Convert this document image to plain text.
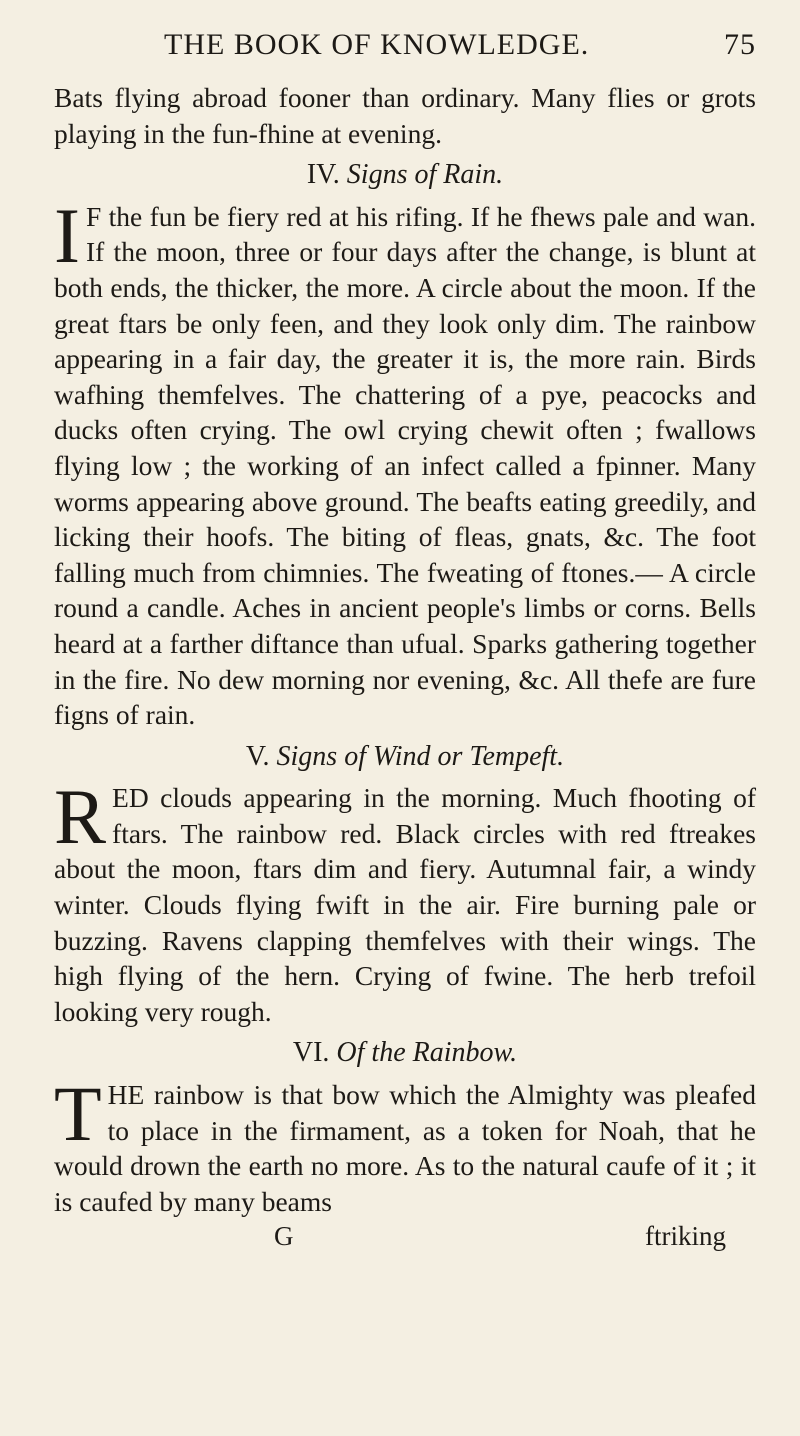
THE BOOK OF KNOWLEDGE.	75

Bats flying abroad fooner than ordinary. Many flies or grots playing in the fun-fhine at evening.

IV. Signs of Rain.

IF the fun be fiery red at his rifing. If he fhews pale and wan. If the moon, three or four days after the change, is blunt at both ends, the thicker, the more. A circle about the moon. If the great ftars be only feen, and they look only dim. The rainbow appearing in a fair day, the greater it is, the more rain. Birds wafhing themfelves. The chattering of a pye, peacocks and ducks often crying. The owl crying chewit often ; fwallows flying low ; the working of an infect called a fpinner. Many worms appearing above ground. The beafts eating greedily, and licking their hoofs. The biting of fleas, gnats, &c. The foot falling much from chimnies. The fweating of ftones.— A circle round a candle. Aches in ancient people's limbs or corns. Bells heard at a farther diftance than ufual. Sparks gathering together in the fire. No dew morning nor evening, &c. All thefe are fure figns of rain.

V. Signs of Wind or Tempeft.

RED clouds appearing in the morning. Much fhooting of ftars. The rainbow red. Black circles with red ftreakes about the moon, ftars dim and fiery. Autumnal fair, a windy winter. Clouds flying fwift in the air. Fire burning pale or buzzing. Ravens clapping themfelves with their wings. The high flying of the hern. Crying of fwine. The herb trefoil looking very rough.

VI. Of the Rainbow.

THE rainbow is that bow which the Almighty was pleafed to place in the firmament, as a token for Noah, that he would drown the earth no more. As to the natural caufe of it ; it is caufed by many beams

G	ftriking
